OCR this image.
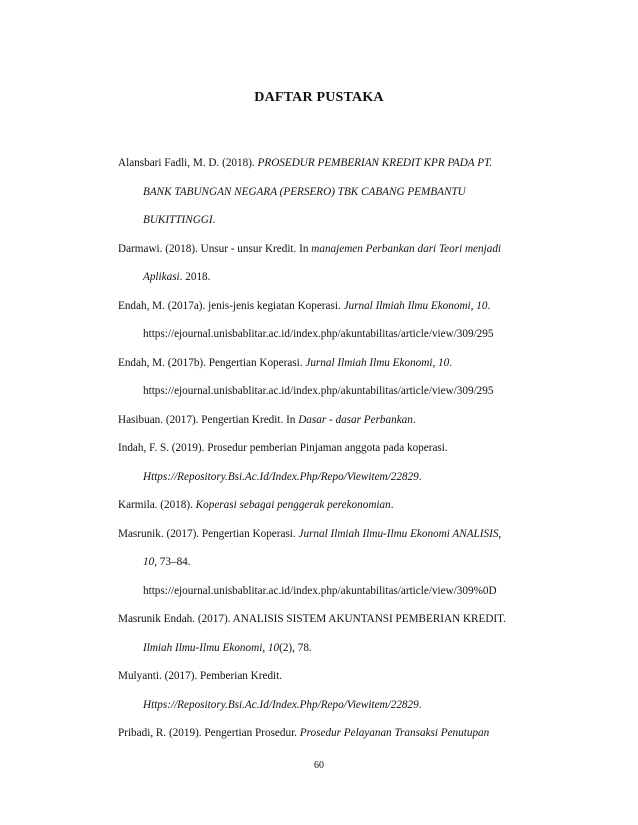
DAFTAR PUSTAKA
Alansbari Fadli, M. D. (2018). PROSEDUR PEMBERIAN KREDIT KPR PADA PT.
BANK TABUNGAN NEGARA (PERSERO) TBK CABANG PEMBANTU
BUKITTINGGI.
Darmawi. (2018). Unsur - unsur Kredit. In manajemen Perbankan dari Teori menjadi
Aplikasi. 2018.
Endah, M. (2017a). jenis-jenis kegiatan Koperasi. Jurnal Ilmiah Ilmu Ekonomi, 10.
https://ejournal.unisbablitar.ac.id/index.php/akuntabilitas/article/view/309/295
Endah, M. (2017b). Pengertian Koperasi. Jurnal Ilmiah Ilmu Ekonomi, 10.
https://ejournal.unisbablitar.ac.id/index.php/akuntabilitas/article/view/309/295
Hasibuan. (2017). Pengertian Kredit. In Dasar - dasar Perbankan.
Indah, F. S. (2019). Prosedur pemberian Pinjaman anggota pada koperasi.
Https://Repository.Bsi.Ac.Id/Index.Php/Repo/Viewitem/22829.
Karmila. (2018). Koperasi sebagai penggerak perekonomian.
Masrunik. (2017). Pengertian Koperasi. Jurnal Ilmiah Ilmu-Ilmu Ekonomi ANALISIS,
10, 73–84.
https://ejournal.unisbablitar.ac.id/index.php/akuntabilitas/article/view/309%0D
Masrunik Endah. (2017). ANALISIS SISTEM AKUNTANSI PEMBERIAN KREDIT.
Ilmiah Ilmu-Ilmu Ekonomi, 10(2), 78.
Mulyanti. (2017). Pemberian Kredit.
Https://Repository.Bsi.Ac.Id/Index.Php/Repo/Viewitem/22829.
Pribadi, R. (2019). Pengertian Prosedur. Prosedur Pelayanan Transaksi Penutupan
60
